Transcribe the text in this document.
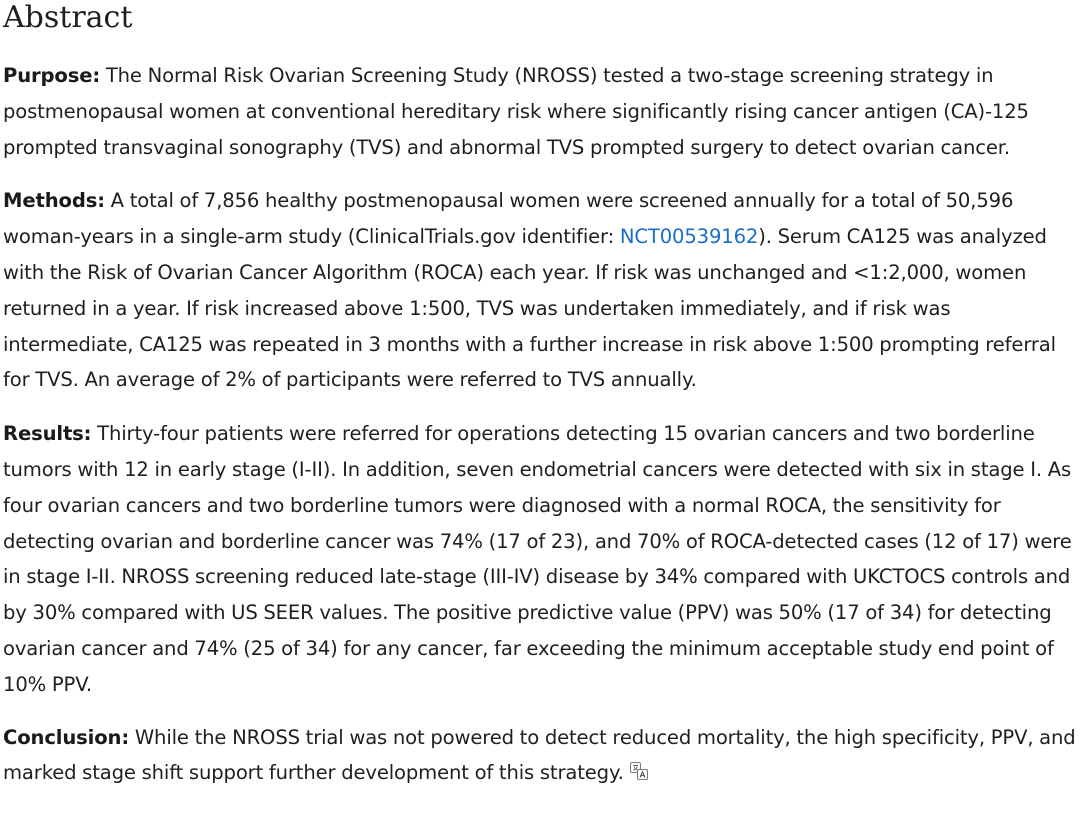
Abstract

Purpose: The Normal Risk Ovarian Screening Study (NROSS) tested a two-stage screening strategy in postmenopausal women at conventional hereditary risk where significantly rising cancer antigen (CA)-125 prompted transvaginal sonography (TVS) and abnormal TVS prompted surgery to detect ovarian cancer.

Methods: A total of 7,856 healthy postmenopausal women were screened annually for a total of 50,596 woman-years in a single-arm study (ClinicalTrials.gov identifier: NCT00539162). Serum CA125 was analyzed with the Risk of Ovarian Cancer Algorithm (ROCA) each year. If risk was unchanged and <1:2,000, women returned in a year. If risk increased above 1:500, TVS was undertaken immediately, and if risk was intermediate, CA125 was repeated in 3 months with a further increase in risk above 1:500 prompting referral for TVS. An average of 2% of participants were referred to TVS annually.

Results: Thirty-four patients were referred for operations detecting 15 ovarian cancers and two borderline tumors with 12 in early stage (I-II). In addition, seven endometrial cancers were detected with six in stage I. As four ovarian cancers and two borderline tumors were diagnosed with a normal ROCA, the sensitivity for detecting ovarian and borderline cancer was 74% (17 of 23), and 70% of ROCA-detected cases (12 of 17) were in stage I-II. NROSS screening reduced late-stage (III-IV) disease by 34% compared with UKCTOCS controls and by 30% compared with US SEER values. The positive predictive value (PPV) was 50% (17 of 34) for detecting ovarian cancer and 74% (25 of 34) for any cancer, far exceeding the minimum acceptable study end point of 10% PPV.

Conclusion: While the NROSS trial was not powered to detect reduced mortality, the high specificity, PPV, and marked stage shift support further development of this strategy.
